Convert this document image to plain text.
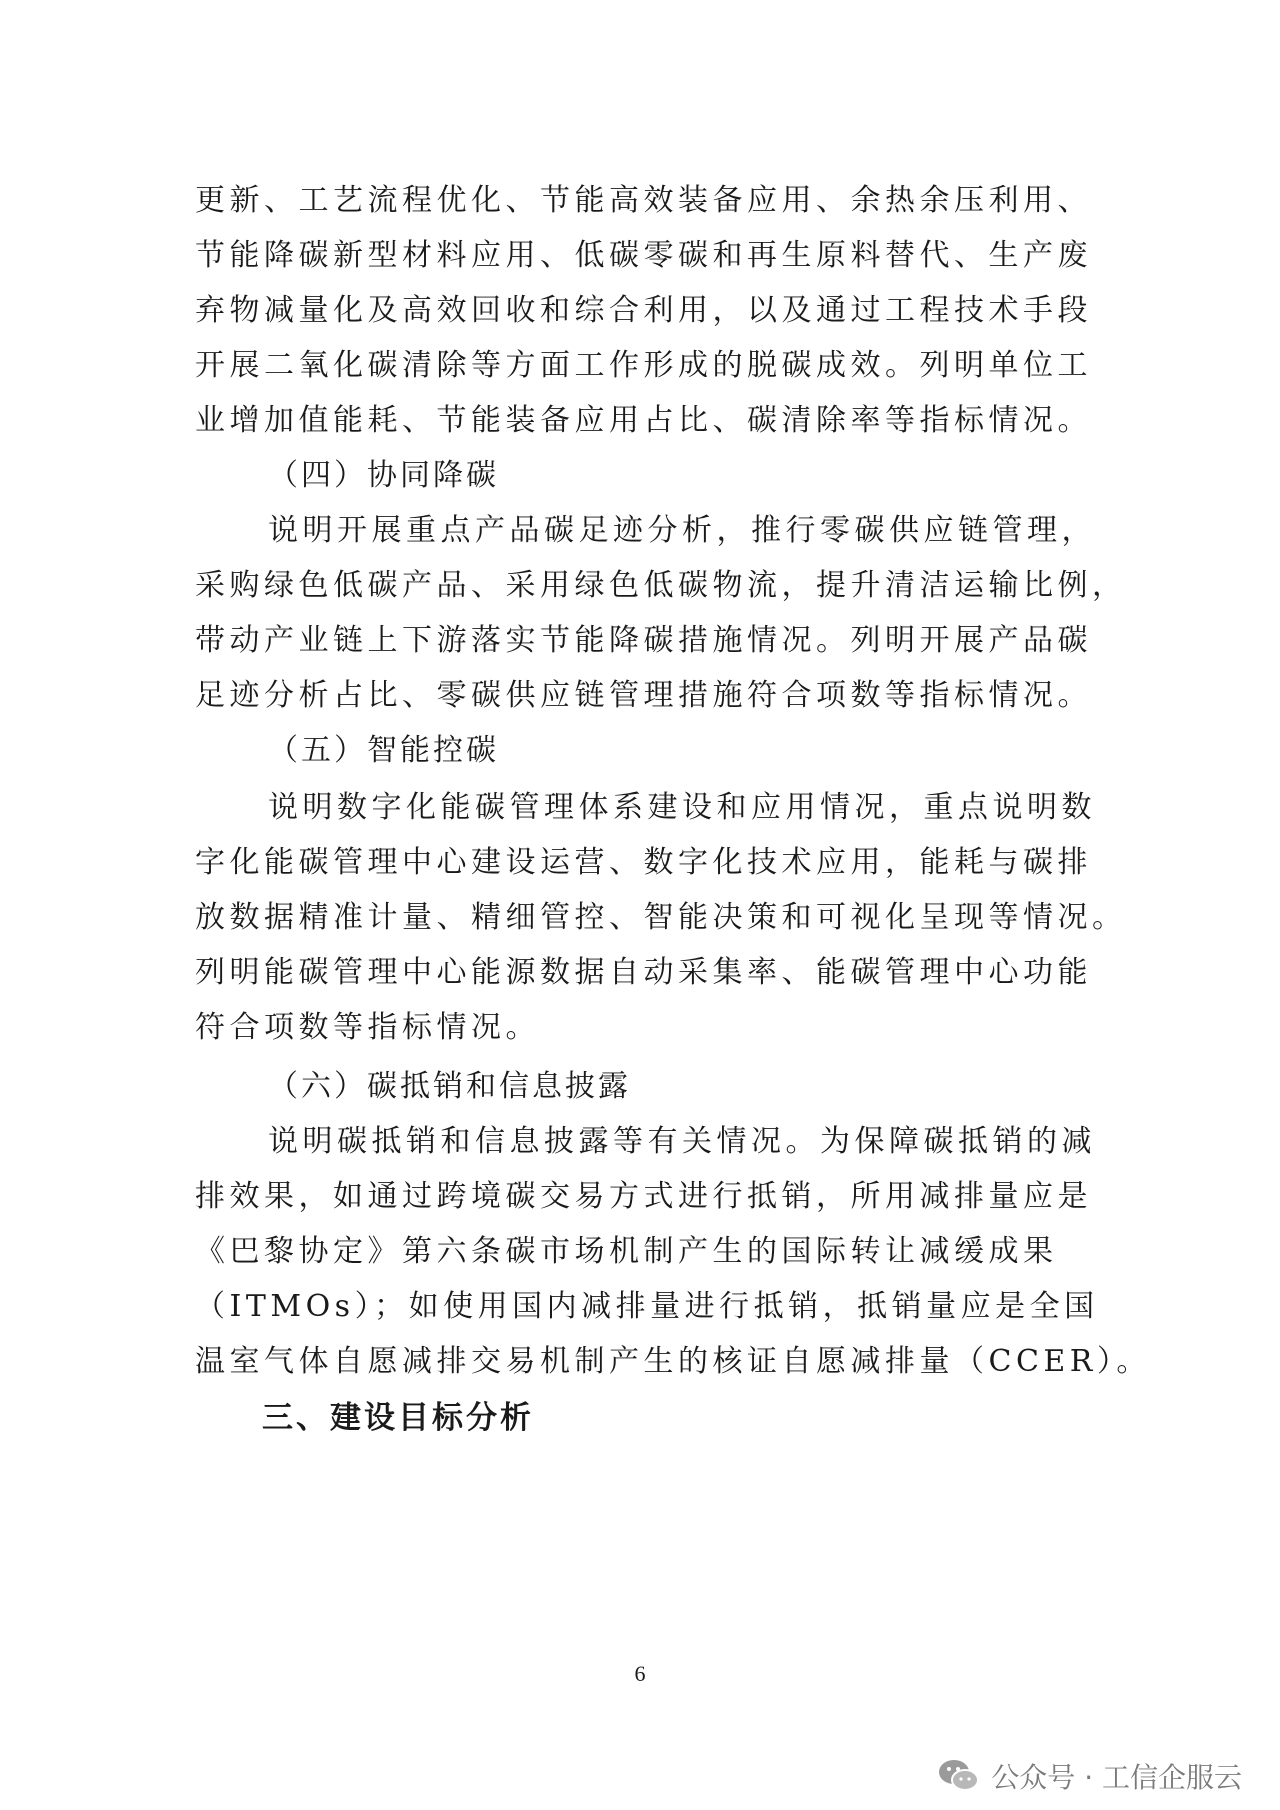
更新、工艺流程优化、节能高效装备应用、余热余压利用、

节能降碳新型材料应用、低碳零碳和再生原料替代、生产废

弃物减量化及高效回收和综合利用，以及通过工程技术手段

开展二氧化碳清除等方面工作形成的脱碳成效。列明单位工

业增加值能耗、节能装备应用占比、碳清除率等指标情况。

（四）协同降碳

说明开展重点产品碳足迹分析，推行零碳供应链管理，

采购绿色低碳产品、采用绿色低碳物流，提升清洁运输比例，

带动产业链上下游落实节能降碳措施情况。列明开展产品碳

足迹分析占比、零碳供应链管理措施符合项数等指标情况。

（五）智能控碳

说明数字化能碳管理体系建设和应用情况，重点说明数

字化能碳管理中心建设运营、数字化技术应用，能耗与碳排

放数据精准计量、精细管控、智能决策和可视化呈现等情况。

列明能碳管理中心能源数据自动采集率、能碳管理中心功能

符合项数等指标情况。

（六）碳抵销和信息披露

说明碳抵销和信息披露等有关情况。为保障碳抵销的减

排效果，如通过跨境碳交易方式进行抵销，所用减排量应是

《巴黎协定》第六条碳市场机制产生的国际转让减缓成果

（ITMOs）；如使用国内减排量进行抵销，抵销量应是全国

温室气体自愿减排交易机制产生的核证自愿减排量（CCER）。

三、建设目标分析

6
公众号 · 工信企服云
